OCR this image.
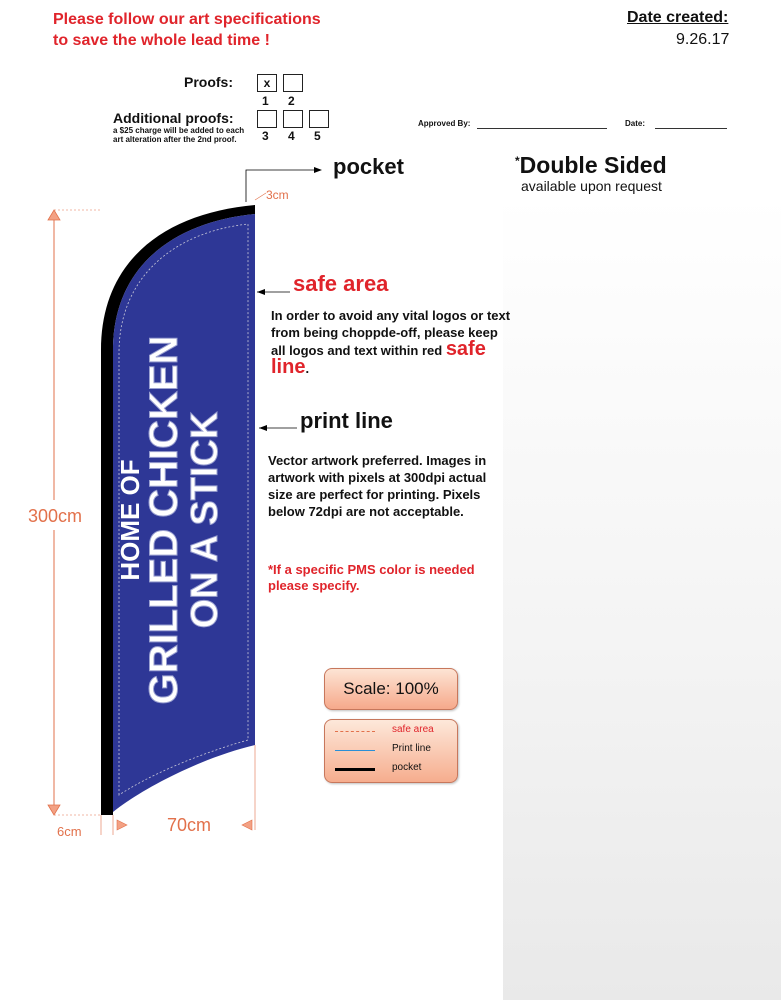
Please follow our art specifications
to save the whole lead time !
Date created:
9.26.17
Proofs:	x
1 2
Additional proofs:
3 4 5
a $25 charge will be added to each art alteration after the 2nd proof.
Approved By:	Date:
HOME OF
GRILLED CHICKEN
ON A STICK
300cm
6cm	70cm
3cm
pocket	*Double Sided
available upon request
safe area
In order to avoid any vital logos or text from being choppde-off, please keep all logos and text within red safe line.
print line
Vector artwork preferred. Images in artwork with pixels at 300dpi actual size are perfect for printing. Pixels below 72dpi are not acceptable.
*If a specific PMS color is needed please specify.
Scale: 100%
safe area
Print line
pocket
